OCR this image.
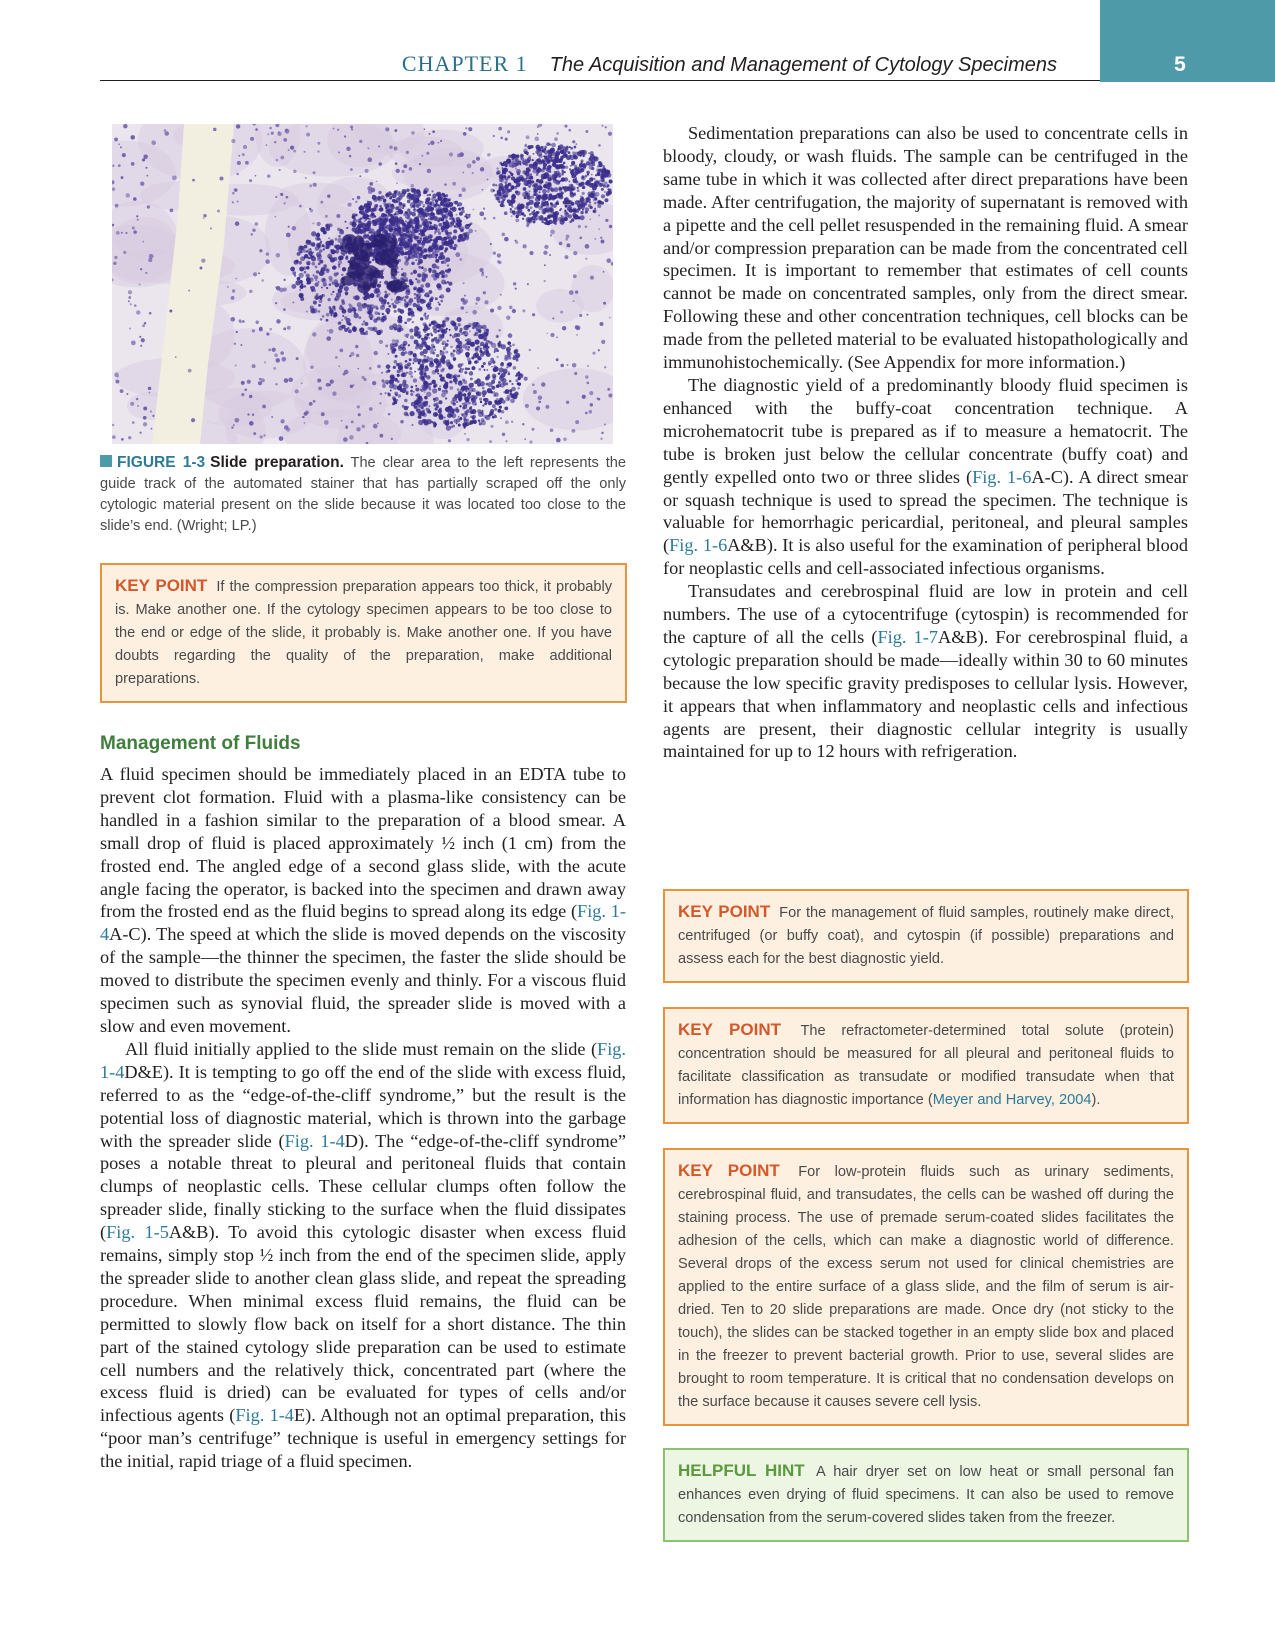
5
CHAPTER 1 The Acquisition and Management of Cytology Specimens
FIGURE 1-3 Slide preparation. The clear area to the left represents the guide track of the automated stainer that has partially scraped off the only cytologic material present on the slide because it was located too close to the slide’s end. (Wright; LP.)
KEY POINT If the compression preparation appears too thick, it probably is. Make another one. If the cytology specimen appears to be too close to the end or edge of the slide, it probably is. Make another one. If you have doubts regarding the quality of the preparation, make additional preparations.
Management of Fluids

A fluid specimen should be immediately placed in an EDTA tube to prevent clot formation. Fluid with a plasma-like consistency can be handled in a fashion similar to the preparation of a blood smear. A small drop of fluid is placed approximately ½ inch (1 cm) from the frosted end. The angled edge of a second glass slide, with the acute angle facing the operator, is backed into the specimen and drawn away from the frosted end as the fluid begins to spread along its edge (Fig. 1-4A-C). The speed at which the slide is moved depends on the viscosity of the sample—the thinner the specimen, the faster the slide should be moved to distribute the specimen evenly and thinly. For a viscous fluid specimen such as synovial fluid, the spreader slide is moved with a slow and even movement.

All fluid initially applied to the slide must remain on the slide (Fig. 1-4D&E). It is tempting to go off the end of the slide with excess fluid, referred to as the “edge-of-the-cliff syndrome,” but the result is the potential loss of diagnostic material, which is thrown into the garbage with the spreader slide (Fig. 1-4D). The “edge-of-the-cliff syndrome” poses a notable threat to pleural and peritoneal fluids that contain clumps of neoplastic cells. These cellular clumps often follow the spreader slide, finally sticking to the surface when the fluid dissipates (Fig. 1-5A&B). To avoid this cytologic disaster when excess fluid remains, simply stop ½ inch from the end of the specimen slide, apply the spreader slide to another clean glass slide, and repeat the spreading procedure. When minimal excess fluid remains, the fluid can be permitted to slowly flow back on itself for a short distance. The thin part of the stained cytology slide preparation can be used to estimate cell numbers and the relatively thick, concentrated part (where the excess fluid is dried) can be evaluated for types of cells and/or infectious agents (Fig. 1-4E). Although not an optimal preparation, this “poor man’s centrifuge” technique is useful in emergency settings for the initial, rapid triage of a fluid specimen.

Sedimentation preparations can also be used to concentrate cells in bloody, cloudy, or wash fluids. The sample can be centrifuged in the same tube in which it was collected after direct preparations have been made. After centrifugation, the majority of supernatant is removed with a pipette and the cell pellet resuspended in the remaining fluid. A smear and/or compression preparation can be made from the concentrated cell specimen. It is important to remember that estimates of cell counts cannot be made on concentrated samples, only from the direct smear. Following these and other concentration techniques, cell blocks can be made from the pelleted material to be evaluated histopathologically and immunohistochemically. (See Appendix for more information.)

The diagnostic yield of a predominantly bloody fluid specimen is enhanced with the buffy-coat concentration technique. A microhematocrit tube is prepared as if to measure a hematocrit. The tube is broken just below the cellular concentrate (buffy coat) and gently expelled onto two or three slides (Fig. 1-6A-C). A direct smear or squash technique is used to spread the specimen. The technique is valuable for hemorrhagic pericardial, peritoneal, and pleural samples (Fig. 1-6A&B). It is also useful for the examination of peripheral blood for neoplastic cells and cell-associated infectious organisms.

Transudates and cerebrospinal fluid are low in protein and cell numbers. The use of a cytocentrifuge (cytospin) is recommended for the capture of all the cells (Fig. 1-7A&B). For cerebrospinal fluid, a cytologic preparation should be made—ideally within 30 to 60 minutes because the low specific gravity predisposes to cellular lysis. However, it appears that when inflammatory and neoplastic cells and infectious agents are present, their diagnostic cellular integrity is usually maintained for up to 12 hours with refrigeration.

KEY POINT For the management of fluid samples, routinely make direct, centrifuged (or buffy coat), and cytospin (if possible) preparations and assess each for the best diagnostic yield.
KEY POINT The refractometer-determined total solute (protein) concentration should be measured for all pleural and peritoneal fluids to facilitate classification as transudate or modified transudate when that information has diagnostic importance (Meyer and Harvey, 2004).
KEY POINT For low-protein fluids such as urinary sediments, cerebrospinal fluid, and transudates, the cells can be washed off during the staining process. The use of premade serum-coated slides facilitates the adhesion of the cells, which can make a diagnostic world of difference. Several drops of the excess serum not used for clinical chemistries are applied to the entire surface of a glass slide, and the film of serum is air-dried. Ten to 20 slide preparations are made. Once dry (not sticky to the touch), the slides can be stacked together in an empty slide box and placed in the freezer to prevent bacterial growth. Prior to use, several slides are brought to room temperature. It is critical that no condensation develops on the surface because it causes severe cell lysis.
HELPFUL HINT A hair dryer set on low heat or small personal fan enhances even drying of fluid specimens. It can also be used to remove condensation from the serum-covered slides taken from the freezer.
